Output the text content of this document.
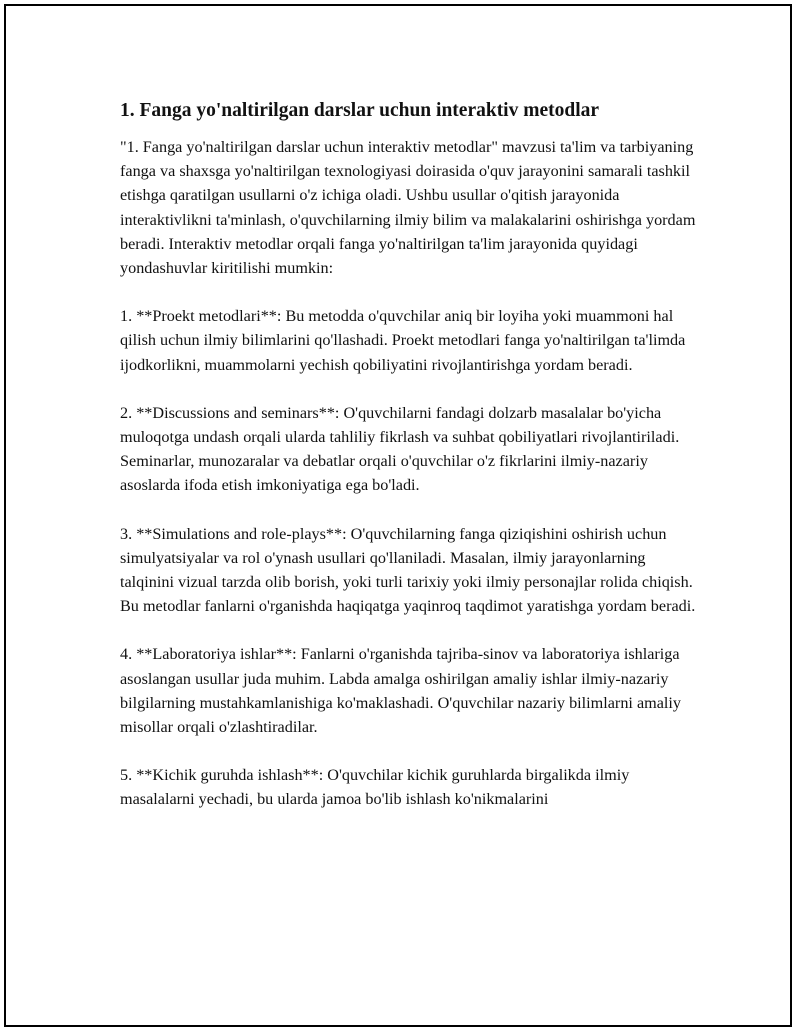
1. Fanga yo'naltirilgan darslar uchun interaktiv metodlar

"1. Fanga yo'naltirilgan darslar uchun interaktiv metodlar" mavzusi ta'lim va tarbiyaning fanga va shaxsga yo'naltirilgan texnologiyasi doirasida o'quv jarayonini samarali tashkil etishga qaratilgan usullarni o'z ichiga oladi. Ushbu usullar o'qitish jarayonida interaktivlikni ta'minlash, o'quvchilarning ilmiy bilim va malakalarini oshirishga yordam beradi. Interaktiv metodlar orqali fanga yo'naltirilgan ta'lim jarayonida quyidagi yondashuvlar kiritilishi mumkin:

1. **Proekt metodlari**: Bu metodda o'quvchilar aniq bir loyiha yoki muammoni hal qilish uchun ilmiy bilimlarini qo'llashadi. Proekt metodlari fanga yo'naltirilgan ta'limda ijodkorlikni, muammolarni yechish qobiliyatini rivojlantirishga yordam beradi.

2. **Discussions and seminars**: O'quvchilarni fandagi dolzarb masalalar bo'yicha muloqotga undash orqali ularda tahliliy fikrlash va suhbat qobiliyatlari rivojlantiriladi. Seminarlar, munozaralar va debatlar orqali o'quvchilar o'z fikrlarini ilmiy-nazariy asoslarda ifoda etish imkoniyatiga ega bo'ladi.

3. **Simulations and role-plays**: O'quvchilarning fanga qiziqishini oshirish uchun simulyatsiyalar va rol o'ynash usullari qo'llaniladi. Masalan, ilmiy jarayonlarning talqinini vizual tarzda olib borish, yoki turli tarixiy yoki ilmiy personajlar rolida chiqish. Bu metodlar fanlarni o'rganishda haqiqatga yaqinroq taqdimot yaratishga yordam beradi.

4. **Laboratoriya ishlar**: Fanlarni o'rganishda tajriba-sinov va laboratoriya ishlariga asoslangan usullar juda muhim. Labda amalga oshirilgan amaliy ishlar ilmiy-nazariy bilgilarning mustahkamlanishiga ko'maklashadi. O'quvchilar nazariy bilimlarni amaliy misollar orqali o'zlashtiradilar.

5. **Kichik guruhda ishlash**: O'quvchilar kichik guruhlarda birgalikda ilmiy masalalarni yechadi, bu ularda jamoa bo'lib ishlash ko'nikmalarini
